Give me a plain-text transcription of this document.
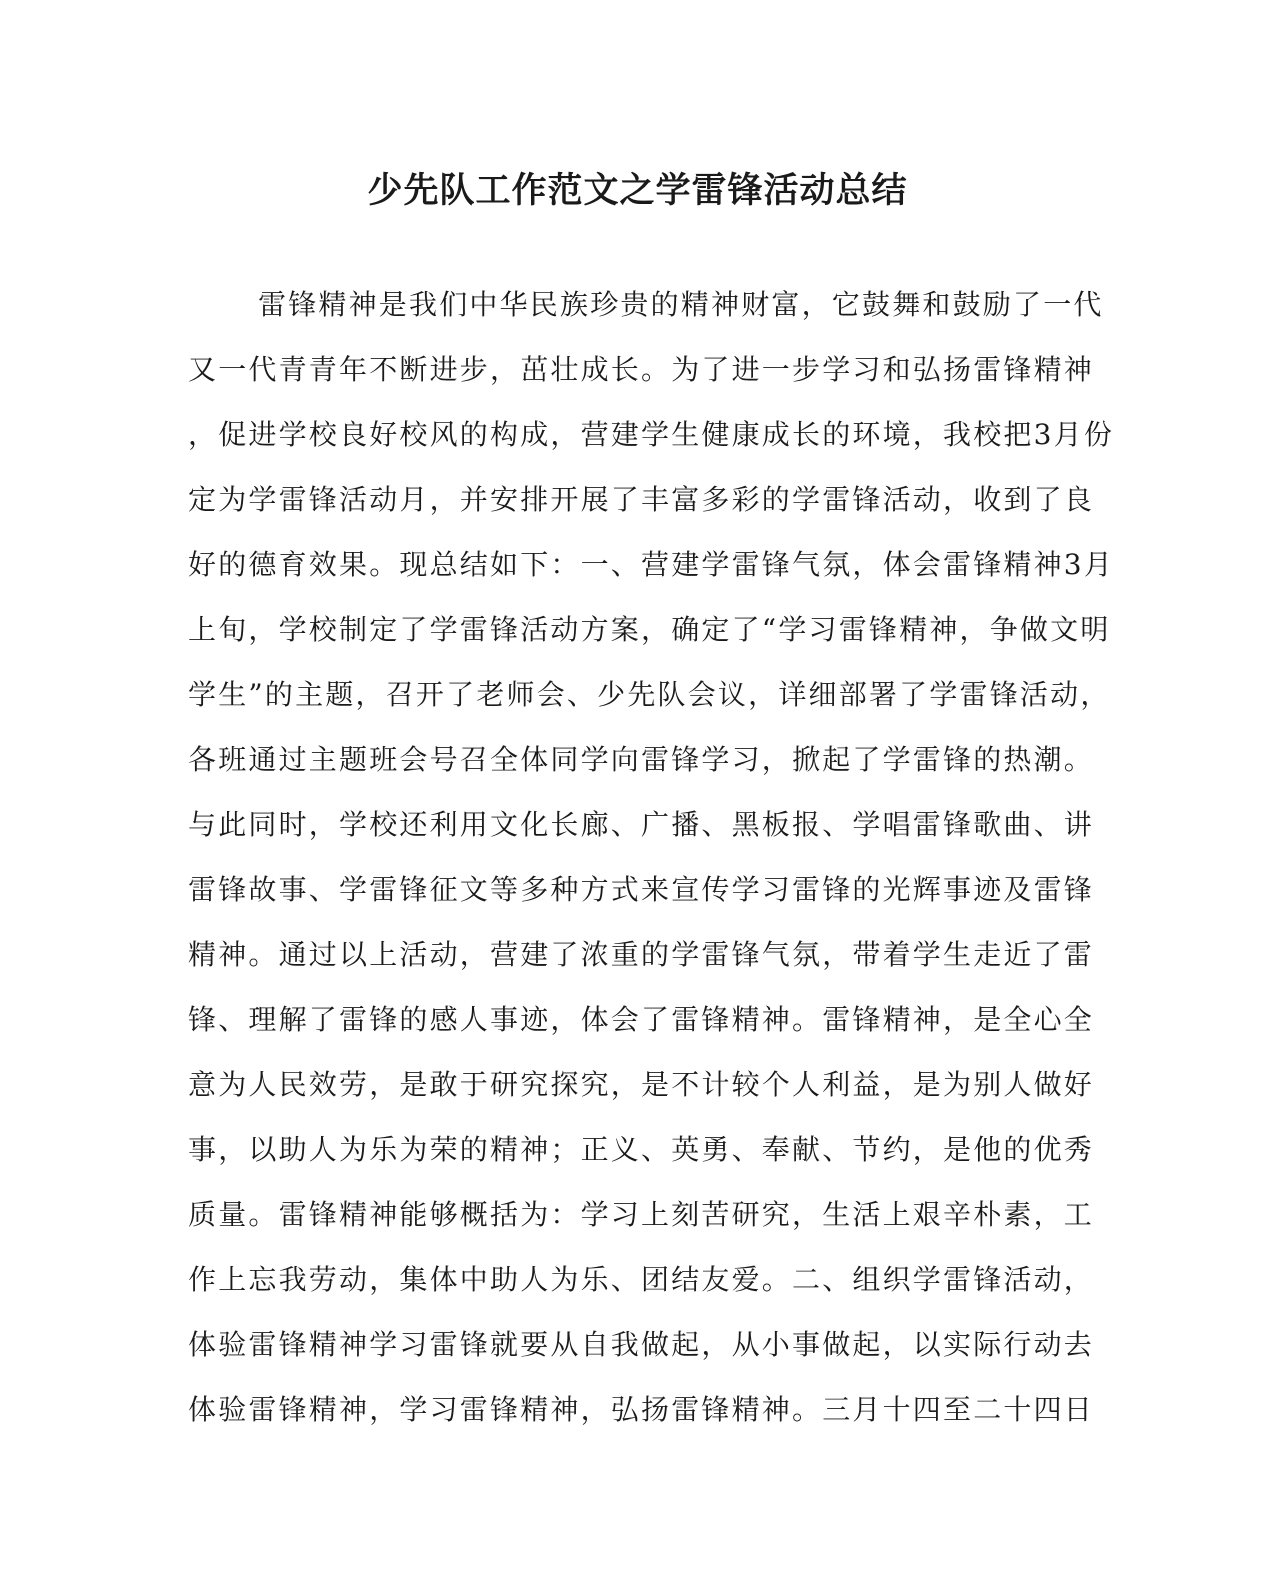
少先队工作范文之学雷锋活动总结

雷锋精神是我们中华民族珍贵的精神财富，它鼓舞和鼓励了一代

又一代青青年不断进步，茁壮成长。为了进一步学习和弘扬雷锋精神

，促进学校良好校风的构成，营建学生健康成长的环境，我校把3月份

定为学雷锋活动月，并安排开展了丰富多彩的学雷锋活动，收到了良

好的德育效果。现总结如下：一、营建学雷锋气氛，体会雷锋精神3月

上旬，学校制定了学雷锋活动方案，确定了“学习雷锋精神，争做文明

学生”的主题，召开了老师会、少先队会议，详细部署了学雷锋活动，

各班通过主题班会号召全体同学向雷锋学习，掀起了学雷锋的热潮。

与此同时，学校还利用文化长廊、广播、黑板报、学唱雷锋歌曲、讲

雷锋故事、学雷锋征文等多种方式来宣传学习雷锋的光辉事迹及雷锋

精神。通过以上活动，营建了浓重的学雷锋气氛，带着学生走近了雷

锋、理解了雷锋的感人事迹，体会了雷锋精神。雷锋精神，是全心全

意为人民效劳，是敢于研究探究，是不计较个人利益，是为别人做好

事，以助人为乐为荣的精神；正义、英勇、奉献、节约，是他的优秀

质量。雷锋精神能够概括为：学习上刻苦研究，生活上艰辛朴素，工

作上忘我劳动，集体中助人为乐、团结友爱。二、组织学雷锋活动，

体验雷锋精神学习雷锋就要从自我做起，从小事做起，以实际行动去

体验雷锋精神，学习雷锋精神，弘扬雷锋精神。三月十四至二十四日
